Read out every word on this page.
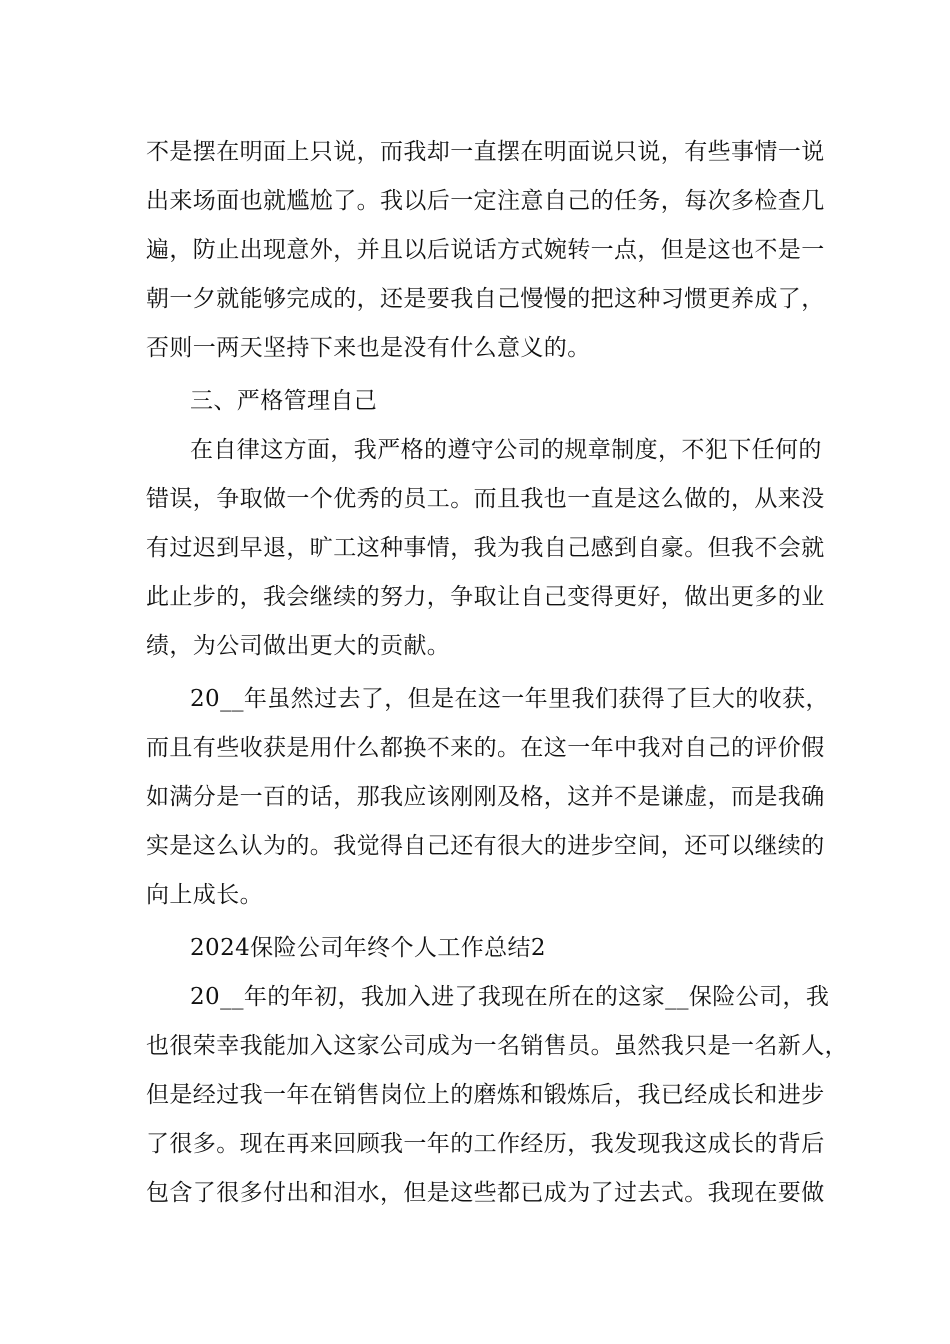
不是摆在明面上只说，而我却一直摆在明面说只说，有些事情一说

出来场面也就尴尬了。我以后一定注意自己的任务，每次多检查几

遍，防止出现意外，并且以后说话方式婉转一点，但是这也不是一

朝一夕就能够完成的，还是要我自己慢慢的把这种习惯更养成了，

否则一两天坚持下来也是没有什么意义的。

三、严格管理自己

在自律这方面，我严格的遵守公司的规章制度，不犯下任何的

错误，争取做一个优秀的员工。而且我也一直是这么做的，从来没

有过迟到早退，旷工这种事情，我为我自己感到自豪。但我不会就

此止步的，我会继续的努力，争取让自己变得更好，做出更多的业

绩，为公司做出更大的贡献。

20__年虽然过去了，但是在这一年里我们获得了巨大的收获，

而且有些收获是用什么都换不来的。在这一年中我对自己的评价假

如满分是一百的话，那我应该刚刚及格，这并不是谦虚，而是我确

实是这么认为的。我觉得自己还有很大的进步空间，还可以继续的

向上成长。

2024保险公司年终个人工作总结2

20__年的年初，我加入进了我现在所在的这家__保险公司，我

也很荣幸我能加入这家公司成为一名销售员。虽然我只是一名新人，

但是经过我一年在销售岗位上的磨炼和锻炼后，我已经成长和进步

了很多。现在再来回顾我一年的工作经历，我发现我这成长的背后

包含了很多付出和泪水，但是这些都已成为了过去式。我现在要做
